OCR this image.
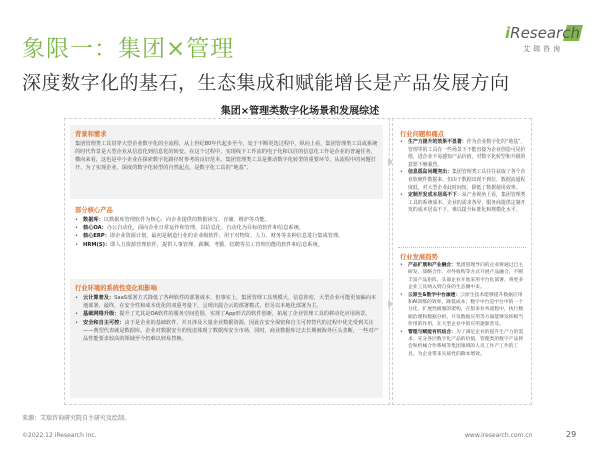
象限一：集团×管理
深度数字化的基石，生态集成和赋能增长是产品发展方向
iResearch
艾瑞咨询
集团×管理类数字化场景和发展综述
背景和需求
集团管理类工具贯穿大型企业数字化的全流程，从上世纪80年代起步至今，处于不断更迭过程中，纵向上看，集团管理类工具或系统的时代背景是大型企业从信息化到信息化的转变。在这个过程中，实现线下工作流的电子化和以往的信息化工作是企业的普遍任务，横向来看，这也是中小企业在探索数字化路径时参考的良好范本。集团管理类工具是推动数字化转型的重要环节，从流程中的问题打开，为了实现企业，深度的数字化转型的自然起点，是数字化工具的“地基”。
部分核心产品
• 数据库：以数据库管理软件为核心，向企业提供的数据读写、存储、维护等功能。
• 核心OA：办公自动化，面向企业日常运作和管理，以信息化、自动化为目标的软件和信息系统。
• 核心ERP：即企业资源计划，最初是制造行业的企业级软件，用于对物资、人力、财务等多种信息进行集成管理。
• HRM(S)：即人力资源管理软件，提供人事管理、薪酬、考勤、招聘等员工管理功能的软件和信息系统。
行业环境的系统性变化和影响
• 云计算普及：SaaS部署方式降低了各种软件的部署成本，但事实上，集团管理工具规模大、信息涉密，大型企业可能更加偏向本地部署，最终，在安全性和成本优化的双重考量下，呈现出混合云的部署模式，但另以本地化部署为主。
• 基础网络升级：提升了尤其是OA软件的服务空间范围，实现了App形式的软件创新，拓展了企业管理工具的移动化应用场景。
• 安全和自主可控：由于是企业的基础软件，并且涉及大量企业数据资源，因此在安全保密和自主可控替代的过程中优先受到关注——典型代表就是数据库。企业对数据安全的忧虑体现了数据库安全市场，同时，商业数据库过去长期被海外巨头垄断，一些对产品性能要求较高的领域至今仍难以轻易替换。
行业问题和痛点
• 生产力提升的效果不显著：作为企业数字化的“地基”，管理等的工具在一些场景下不能直接为企业创造可见价值，进企业不易感知产品价值，对数字化转型和升级的意愿不够强烈。
• 信息孤岛问题突出：集团管理类工具往往获取了各个企业软硬件数据来，但由于数据出现不到位，数据流通程度低，对大型企业此时间短，降低了数据使用效率。
• 定制开发成本居高不下：从产业视角上看，集团管理类工具的系统成本、企业的需求各异，服务商提供定制开发的成本居高不下，难以提升标准化和规模化水平。
行业发展趋势
• 产品扩展和产业融合：集团管理导向的企业将通过自主研发、战略合作、对外收购等方式开展产品融合，不断丰富产品矩阵，头部企业开始采用平台化部署，将更多企业工具纳入到自身的生态圈中来。
• 云原生&数字中台渗透：云原生技术能够提升数据应用和AI训练的效率，降低成本；数字中台是中台中的一个分化，扩展性极强的架构，在很多业务流程中，执行数据治理和数据分析，开发数据应用等方面能够发挥相当作用的作用，在大型企业中的应用逐渐普及。
• 管理与赋能有机结合：为了满足企业的提升生产力的需求，充分各层数字化产品的价值，管理类的数字产品将会和机械合作系统等集团领域的人员工作产工作的工具，为企业带来实质性的降本增效。
来源：艾瑞咨询研究院自主研究及绘制。
©2022.12 iResearch Inc.	www.iresearch.com.cn	29
